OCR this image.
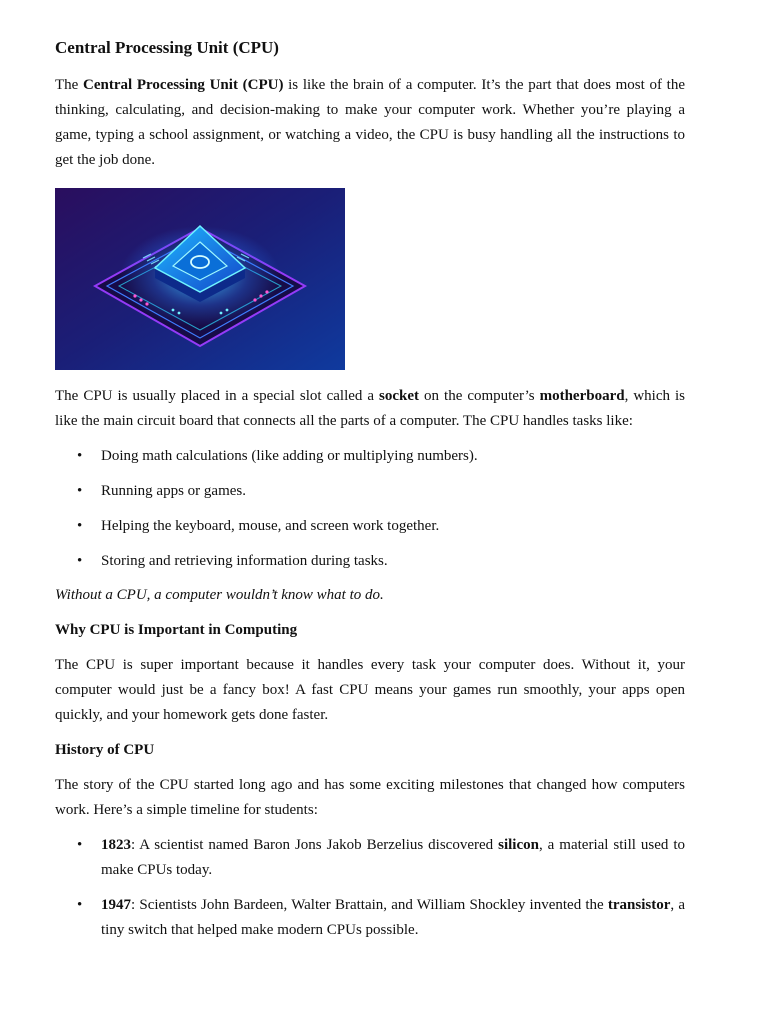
Central Processing Unit (CPU)

The Central Processing Unit (CPU) is like the brain of a computer. It’s the part that does most of the thinking, calculating, and decision-making to make your computer work. Whether you’re playing a game, typing a school assignment, or watching a video, the CPU is busy handling all the instructions to get the job done.

The CPU is usually placed in a special slot called a socket on the computer’s motherboard, which is like the main circuit board that connects all the parts of a computer. The CPU handles tasks like:

• Doing math calculations (like adding or multiplying numbers).
• Running apps or games.
• Helping the keyboard, mouse, and screen work together.
• Storing and retrieving information during tasks.

Without a CPU, a computer wouldn’t know what to do.

Why CPU is Important in Computing

The CPU is super important because it handles every task your computer does. Without it, your computer would just be a fancy box! A fast CPU means your games run smoothly, your apps open quickly, and your homework gets done faster.

History of CPU

The story of the CPU started long ago and has some exciting milestones that changed how computers work. Here’s a simple timeline for students:

• 1823: A scientist named Baron Jons Jakob Berzelius discovered silicon, a material still used to make CPUs today.
• 1947: Scientists John Bardeen, Walter Brattain, and William Shockley invented the transistor, a tiny switch that helped make modern CPUs possible.
